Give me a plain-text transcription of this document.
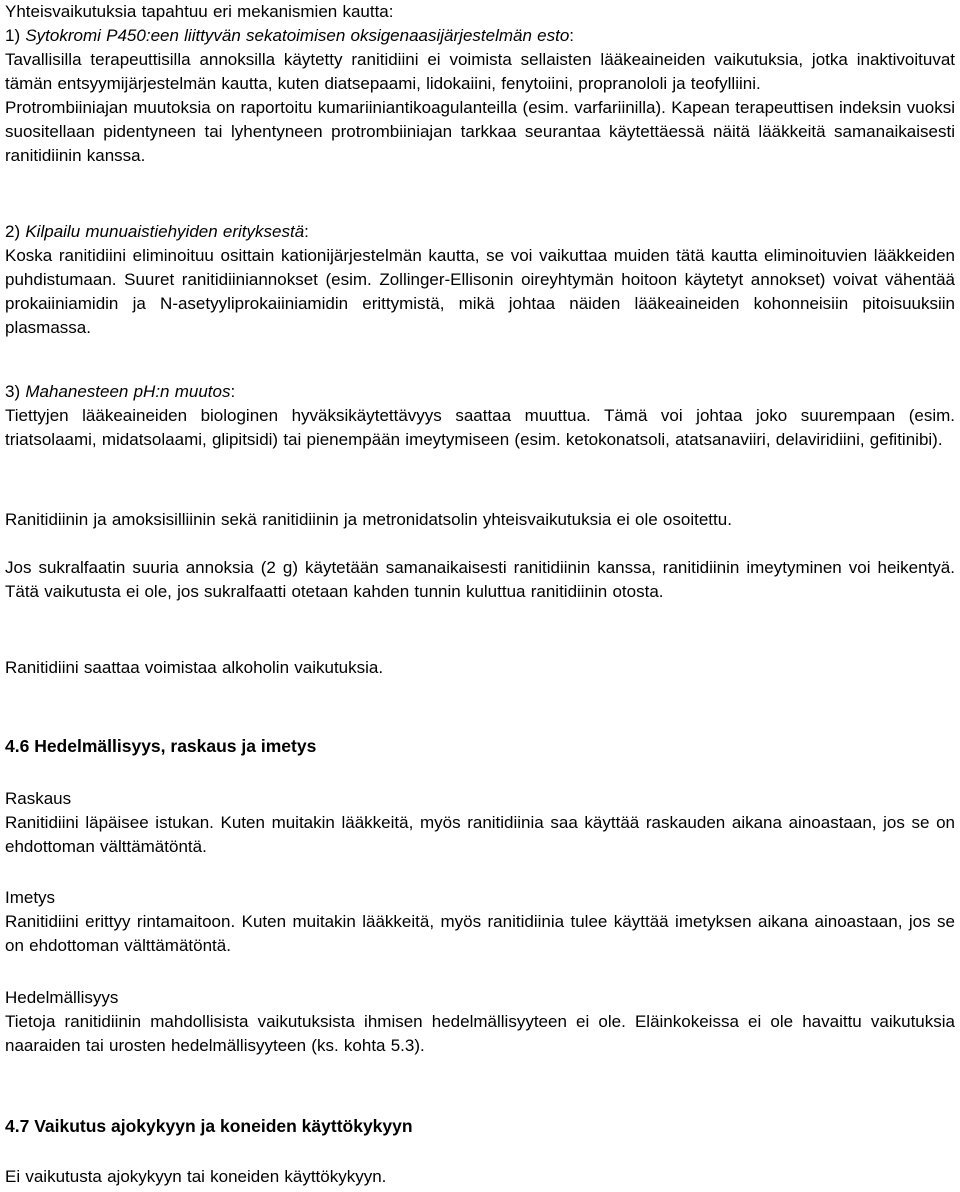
Yhteisvaikutuksia tapahtuu eri mekanismien kautta:

1) Sytokromi P450:een liittyvän sekatoimisen oksigenaasijärjestelmän esto:

Tavallisilla terapeuttisilla annoksilla käytetty ranitidiini ei voimista sellaisten lääkeaineiden vaikutuksia, jotka inaktivoituvat tämän entsyymijärjestelmän kautta, kuten diatsepaami, lidokaiini, fenytoiini, propranololi ja teofylliini.

Protrombiiniajan muutoksia on raportoitu kumariiniantikoagulanteilla (esim. varfariinilla). Kapean terapeuttisen indeksin vuoksi suositellaan pidentyneen tai lyhentyneen protrombiiniajan tarkkaa seurantaa käytettäessä näitä lääkkeitä samanaikaisesti ranitidiinin kanssa.

2) Kilpailu munuaistiehyiden erityksestä:

Koska ranitidiini eliminoituu osittain kationijärjestelmän kautta, se voi vaikuttaa muiden tätä kautta eliminoituvien lääkkeiden puhdistumaan. Suuret ranitidiiniannokset (esim. Zollinger-Ellisonin oireyhtymän hoitoon käytetyt annokset) voivat vähentää prokaiiniamidin ja N-asetyyliprokaiiniamidin erittymistä, mikä johtaa näiden lääkeaineiden kohonneisiin pitoisuuksiin plasmassa.

3) Mahanesteen pH:n muutos:

Tiettyjen lääkeaineiden biologinen hyväksikäytettävyys saattaa muuttua. Tämä voi johtaa joko suurempaan (esim. triatsolaami, midatsolaami, glipitsidi) tai pienempään imeytymiseen (esim. ketokonatsoli, atatsanaviiri, delaviridiini, gefitinibi).

Ranitidiinin ja amoksisilliinin sekä ranitidiinin ja metronidatsolin yhteisvaikutuksia ei ole osoitettu.

Jos sukralfaatin suuria annoksia (2 g) käytetään samanaikaisesti ranitidiinin kanssa, ranitidiinin imeytyminen voi heikentyä. Tätä vaikutusta ei ole, jos sukralfaatti otetaan kahden tunnin kuluttua ranitidiinin otosta.

Ranitidiini saattaa voimistaa alkoholin vaikutuksia.

4.6 Hedelmällisyys, raskaus ja imetys

Raskaus

Ranitidiini läpäisee istukan. Kuten muitakin lääkkeitä, myös ranitidiinia saa käyttää raskauden aikana ainoastaan, jos se on ehdottoman välttämätöntä.

Imetys

Ranitidiini erittyy rintamaitoon. Kuten muitakin lääkkeitä, myös ranitidiinia tulee käyttää imetyksen aikana ainoastaan, jos se on ehdottoman välttämätöntä.

Hedelmällisyys

Tietoja ranitidiinin mahdollisista vaikutuksista ihmisen hedelmällisyyteen ei ole. Eläinkokeissa ei ole havaittu vaikutuksia naaraiden tai urosten hedelmällisyyteen (ks. kohta 5.3).

4.7 Vaikutus ajokykyyn ja koneiden käyttökykyyn

Ei vaikutusta ajokykyyn tai koneiden käyttökykyyn.
